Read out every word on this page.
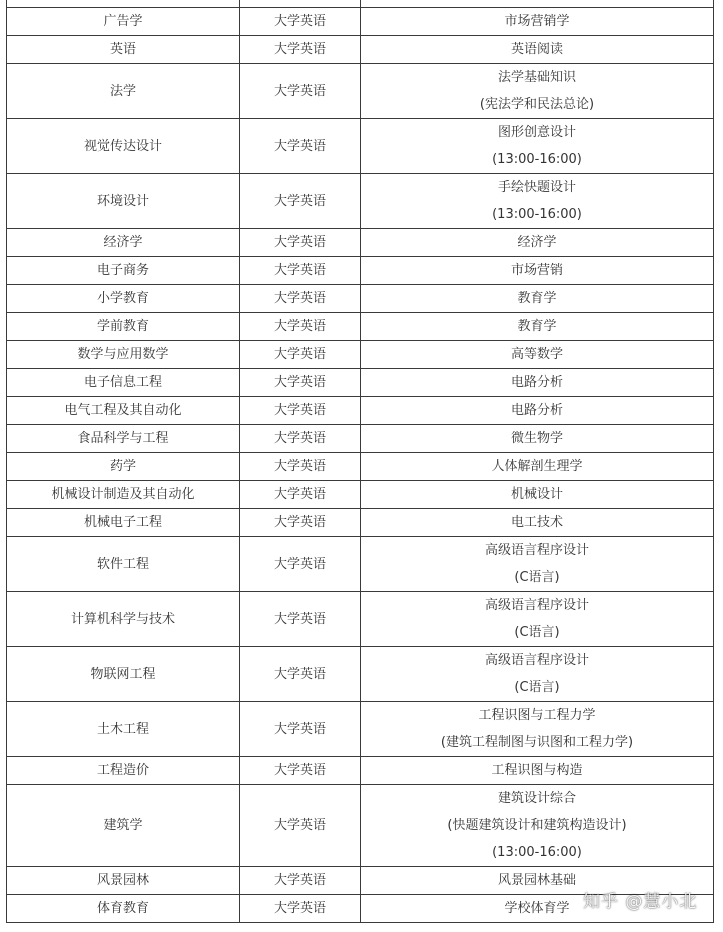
广告学	大学英语	市场营销学

英语	大学英语	英语阅读

法学	大学英语	法学基础知识
(宪法学和民法总论)

视觉传达设计	大学英语	图形创意设计
(13:00-16:00)

环境设计	大学英语	手绘快题设计
(13:00-16:00)

经济学	大学英语	经济学

电子商务	大学英语	市场营销

小学教育	大学英语	教育学

学前教育	大学英语	教育学

数学与应用数学	大学英语	高等数学

电子信息工程	大学英语	电路分析

电气工程及其自动化	大学英语	电路分析

食品科学与工程	大学英语	微生物学

药学	大学英语	人体解剖生理学

机械设计制造及其自动化	大学英语	机械设计

机械电子工程	大学英语	电工技术

软件工程	大学英语	高级语言程序设计
(C语言)

计算机科学与技术	大学英语	高级语言程序设计
(C语言)

物联网工程	大学英语	高级语言程序设计
(C语言)

土木工程	大学英语	工程识图与工程力学
(建筑工程制图与识图和工程力学)

工程造价	大学英语	工程识图与构造

建筑学	大学英语	建筑设计综合
(快题建筑设计和建筑构造设计)
(13:00-16:00)

风景园林	大学英语	风景园林基础

体育教育	大学英语	学校体育学 知乎 @慧小北
